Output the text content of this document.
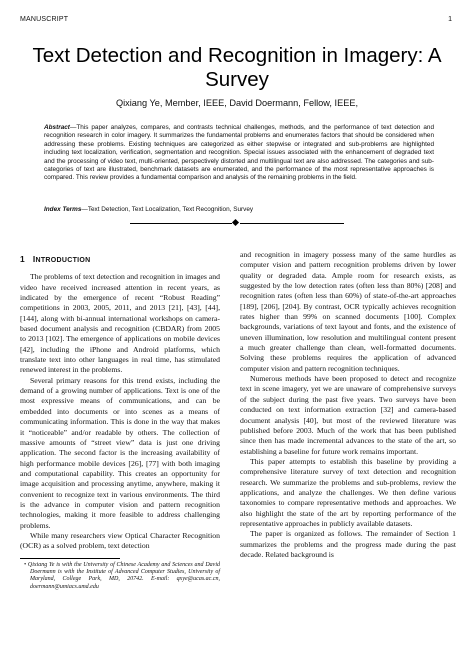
MANUSCRIPT	1
Text Detection and Recognition in Imagery: A Survey
Qixiang Ye, Member, IEEE, David Doermann, Fellow, IEEE,
Abstract—This paper analyzes, compares, and contrasts technical challenges, methods, and the performance of text detection and recognition research in color imagery. It summarizes the fundamental problems and enumerates factors that should be considered when addressing these problems. Existing techniques are categorized as either stepwise or integrated and sub-problems are highlighted including text localization, verification, segmentation and recognition. Special issues associated with the enhancement of degraded text and the processing of video text, multi-oriented, perspectively distorted and multilingual text are also addressed. The categories and sub-categories of text are illustrated, benchmark datasets are enumerated, and the performance of the most representative approaches is compared. This review provides a fundamental comparison and analysis of the remaining problems in the field.
Index Terms—Text Detection, Text Localization, Text Recognition, Survey
1 INTRODUCTION

The problems of text detection and recognition in images and video have received increased attention in recent years, as indicated by the emergence of recent “Robust Reading” competitions in 2003, 2005, 2011, and 2013 [21], [43], [44], [144], along with bi-annual international workshops on camera-based document analysis and recognition (CBDAR) from 2005 to 2013 [102]. The emergence of applications on mobile devices [42], including the iPhone and Android platforms, which translate text into other languages in real time, has stimulated renewed interest in the problems.

Several primary reasons for this trend exists, including the demand of a growing number of applications. Text is one of the most expressive means of communications, and can be embedded into documents or into scenes as a means of communicating information. This is done in the way that makes it “noticeable” and/or readable by others. The collection of massive amounts of “street view” data is just one driving application. The second factor is the increasing availability of high performance mobile devices [26], [77] with both imaging and computational capability. This creates an opportunity for image acquisition and processing anytime, anywhere, making it convenient to recognize text in various environments. The third is the advance in computer vision and pattern recognition technologies, making it more feasible to address challenging problems.

While many researchers view Optical Character Recognition (OCR) as a solved problem, text detection

• Qixiang Ye is with the University of Chinese Academy and Sciences and David Doermann is with the Institute of Advanced Computer Studies, University of Maryland, College Park, MD, 20742. E-mail: qxye@ucas.ac.cn, doermann@umiacs.umd.edu

and recognition in imagery possess many of the same hurdles as computer vision and pattern recognition problems driven by lower quality or degraded data. Ample room for research exists, as suggested by the low detection rates (often less than 80%) [208] and recognition rates (often less than 60%) of state-of-the-art approaches [189], [206], [204]. By contrast, OCR typically achieves recognition rates higher than 99% on scanned documents [100]. Complex backgrounds, variations of text layout and fonts, and the existence of uneven illumination, low resolution and multilingual content present a much greater challenge than clean, well-formatted documents. Solving these problems requires the application of advanced computer vision and pattern recognition techniques.

Numerous methods have been proposed to detect and recognize text in scene imagery, yet we are unaware of comprehensive surveys of the subject during the past five years. Two surveys have been conducted on text information extraction [32] and camera-based document analysis [40], but most of the reviewed literature was published before 2003. Much of the work that has been published since then has made incremental advances to the state of the art, so establishing a baseline for future work remains important.

This paper attempts to establish this baseline by providing a comprehensive literature survey of text detection and recognition research. We summarize the problems and sub-problems, review the applications, and analyze the challenges. We then define various taxonomies to compare representative methods and approaches. We also highlight the state of the art by reporting performance of the representative approaches in publicly available datasets.

The paper is organized as follows. The remainder of Section 1 summarizes the problems and the progress made during the past decade. Related background is
